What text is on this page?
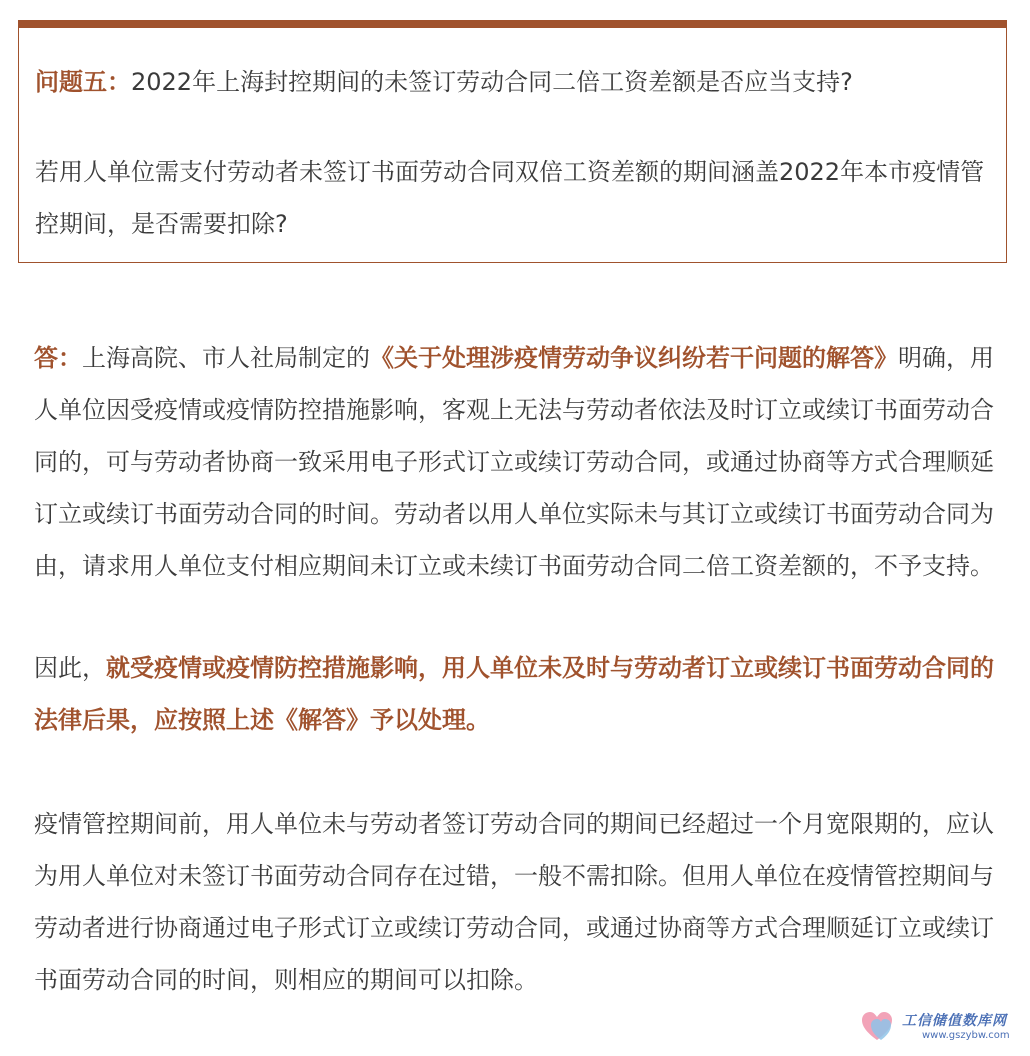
问题五：2022年上海封控期间的未签订劳动合同二倍工资差额是否应当支持?

若用人单位需支付劳动者未签订书面劳动合同双倍工资差额的期间涵盖2022年本市疫情管控期间，是否需要扣除?

答：上海高院、市人社局制定的《关于处理涉疫情劳动争议纠纷若干问题的解答》明确，用人单位因受疫情或疫情防控措施影响，客观上无法与劳动者依法及时订立或续订书面劳动合同的，可与劳动者协商一致采用电子形式订立或续订劳动合同，或通过协商等方式合理顺延订立或续订书面劳动合同的时间。劳动者以用人单位实际未与其订立或续订书面劳动合同为由，请求用人单位支付相应期间未订立或未续订书面劳动合同二倍工资差额的，不予支持。

因此，就受疫情或疫情防控措施影响，用人单位未及时与劳动者订立或续订书面劳动合同的法律后果，应按照上述《解答》予以处理。

疫情管控期间前，用人单位未与劳动者签订劳动合同的期间已经超过一个月宽限期的，应认为用人单位对未签订书面劳动合同存在过错，一般不需扣除。但用人单位在疫情管控期间与劳动者进行协商通过电子形式订立或续订劳动合同，或通过协商等方式合理顺延订立或续订书面劳动合同的时间，则相应的期间可以扣除。

工信储值数库网
www.gszybw.com
